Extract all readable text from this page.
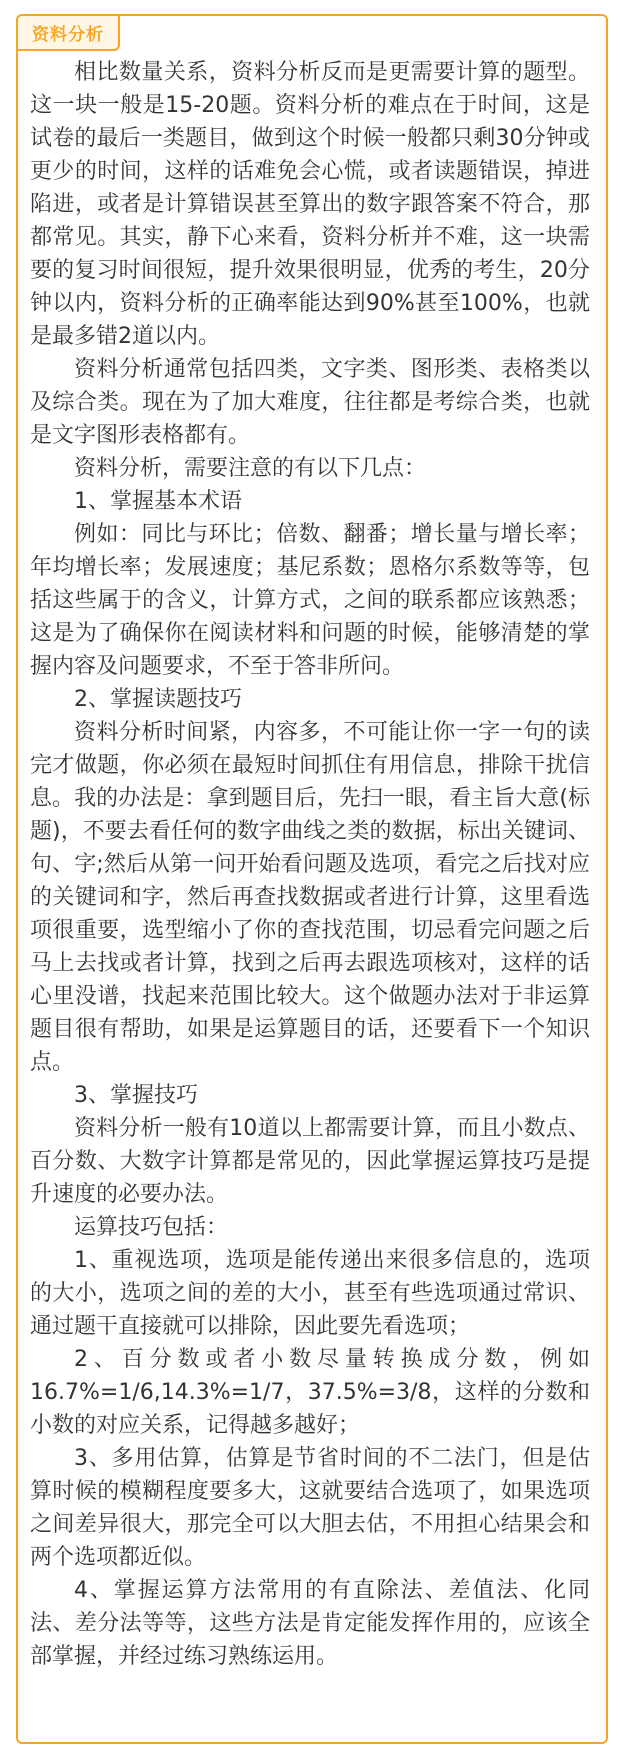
资料分析

相比数量关系，资料分析反而是更需要计算的题型。这一块一般是15-20题。资料分析的难点在于时间，这是试卷的最后一类题目，做到这个时候一般都只剩30分钟或更少的时间，这样的话难免会心慌，或者读题错误，掉进陷进，或者是计算错误甚至算出的数字跟答案不符合，那都常见。其实，静下心来看，资料分析并不难，这一块需要的复习时间很短，提升效果很明显，优秀的考生，20分钟以内，资料分析的正确率能达到90%甚至100%，也就是最多错2道以内。

资料分析通常包括四类，文字类、图形类、表格类以及综合类。现在为了加大难度，往往都是考综合类，也就是文字图形表格都有。

资料分析，需要注意的有以下几点：

1、掌握基本术语

例如：同比与环比；倍数、翻番；增长量与增长率；年均增长率；发展速度；基尼系数；恩格尔系数等等，包括这些属于的含义，计算方式，之间的联系都应该熟悉；这是为了确保你在阅读材料和问题的时候，能够清楚的掌握内容及问题要求，不至于答非所问。

2、掌握读题技巧

资料分析时间紧，内容多，不可能让你一字一句的读完才做题，你必须在最短时间抓住有用信息，排除干扰信息。我的办法是：拿到题目后，先扫一眼，看主旨大意(标题)，不要去看任何的数字曲线之类的数据，标出关键词、句、字;然后从第一问开始看问题及选项，看完之后找对应的关键词和字，然后再查找数据或者进行计算，这里看选项很重要，选型缩小了你的查找范围，切忌看完问题之后马上去找或者计算，找到之后再去跟选项核对，这样的话心里没谱，找起来范围比较大。这个做题办法对于非运算题目很有帮助，如果是运算题目的话，还要看下一个知识点。

3、掌握技巧

资料分析一般有10道以上都需要计算，而且小数点、百分数、大数字计算都是常见的，因此掌握运算技巧是提升速度的必要办法。

运算技巧包括：

1、重视选项，选项是能传递出来很多信息的，选项的大小，选项之间的差的大小，甚至有些选项通过常识、通过题干直接就可以排除，因此要先看选项；

2、百分数或者小数尽量转换成分数，例如16.7%=1/6,14.3%=1/7，37.5%=3/8，这样的分数和小数的对应关系，记得越多越好；

3、多用估算，估算是节省时间的不二法门，但是估算时候的模糊程度要多大，这就要结合选项了，如果选项之间差异很大，那完全可以大胆去估，不用担心结果会和两个选项都近似。

4、掌握运算方法常用的有直除法、差值法、化同法、差分法等等，这些方法是肯定能发挥作用的，应该全部掌握，并经过练习熟练运用。
